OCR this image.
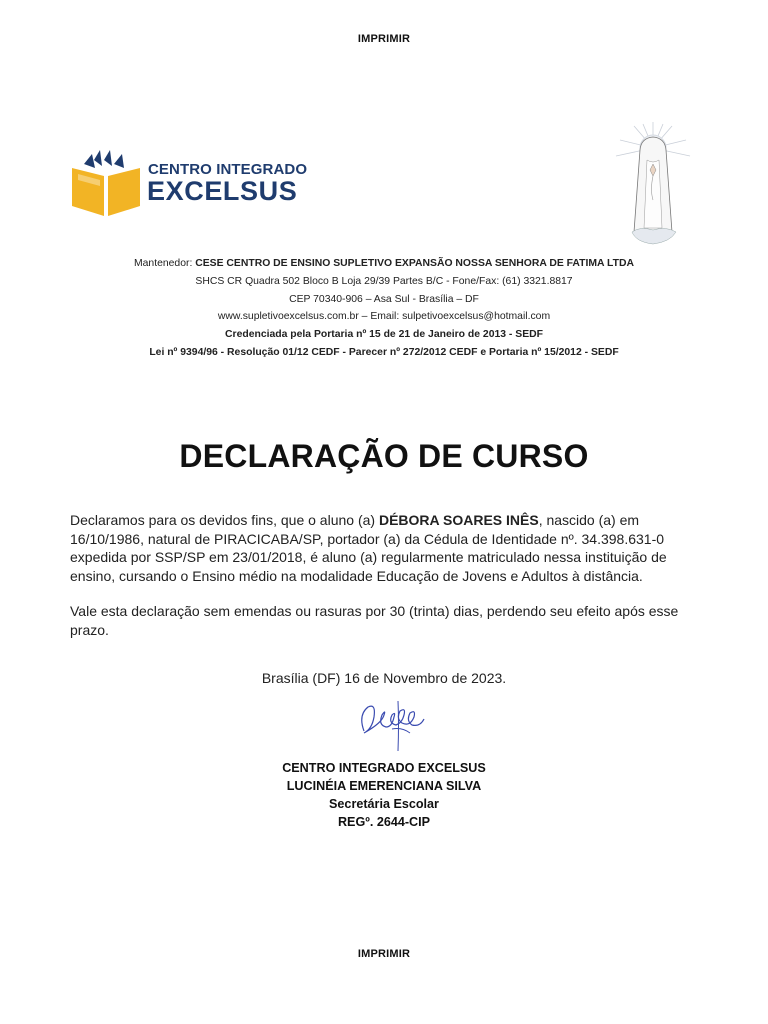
IMPRIMIR
CENTRO INTEGRADO
EXCELSUS
Mantenedor: CESE CENTRO DE ENSINO SUPLETIVO EXPANSÃO NOSSA SENHORA DE FATIMA LTDA
SHCS CR Quadra 502 Bloco B Loja 29/39 Partes B/C - Fone/Fax: (61) 3321.8817
CEP 70340-906 – Asa Sul - Brasília – DF
www.supletivoexcelsus.com.br – Email: sulpetivoexcelsus@hotmail.com
Credenciada pela Portaria nº 15 de 21 de Janeiro de 2013 - SEDF
Lei nº 9394/96 - Resolução 01/12 CEDF - Parecer nº 272/2012 CEDF e Portaria nº 15/2012 - SEDF
DECLARAÇÃO DE CURSO

Declaramos para os devidos fins, que o aluno (a) DÉBORA SOARES INÊS, nascido (a) em 16/10/1986, natural de PIRACICABA/SP, portador (a) da Cédula de Identidade nº. 34.398.631-0 expedida por SSP/SP em 23/01/2018, é aluno (a) regularmente matriculado nessa instituição de ensino, cursando o Ensino médio na modalidade Educação de Jovens e Adultos à distância.

Vale esta declaração sem emendas ou rasuras por 30 (trinta) dias, perdendo seu efeito após esse prazo.

Brasília (DF) 16 de Novembro de 2023.
CENTRO INTEGRADO EXCELSUS
LUCINÉIA EMERENCIANA SILVA
Secretária Escolar
REGº. 2644-CIP
IMPRIMIR
